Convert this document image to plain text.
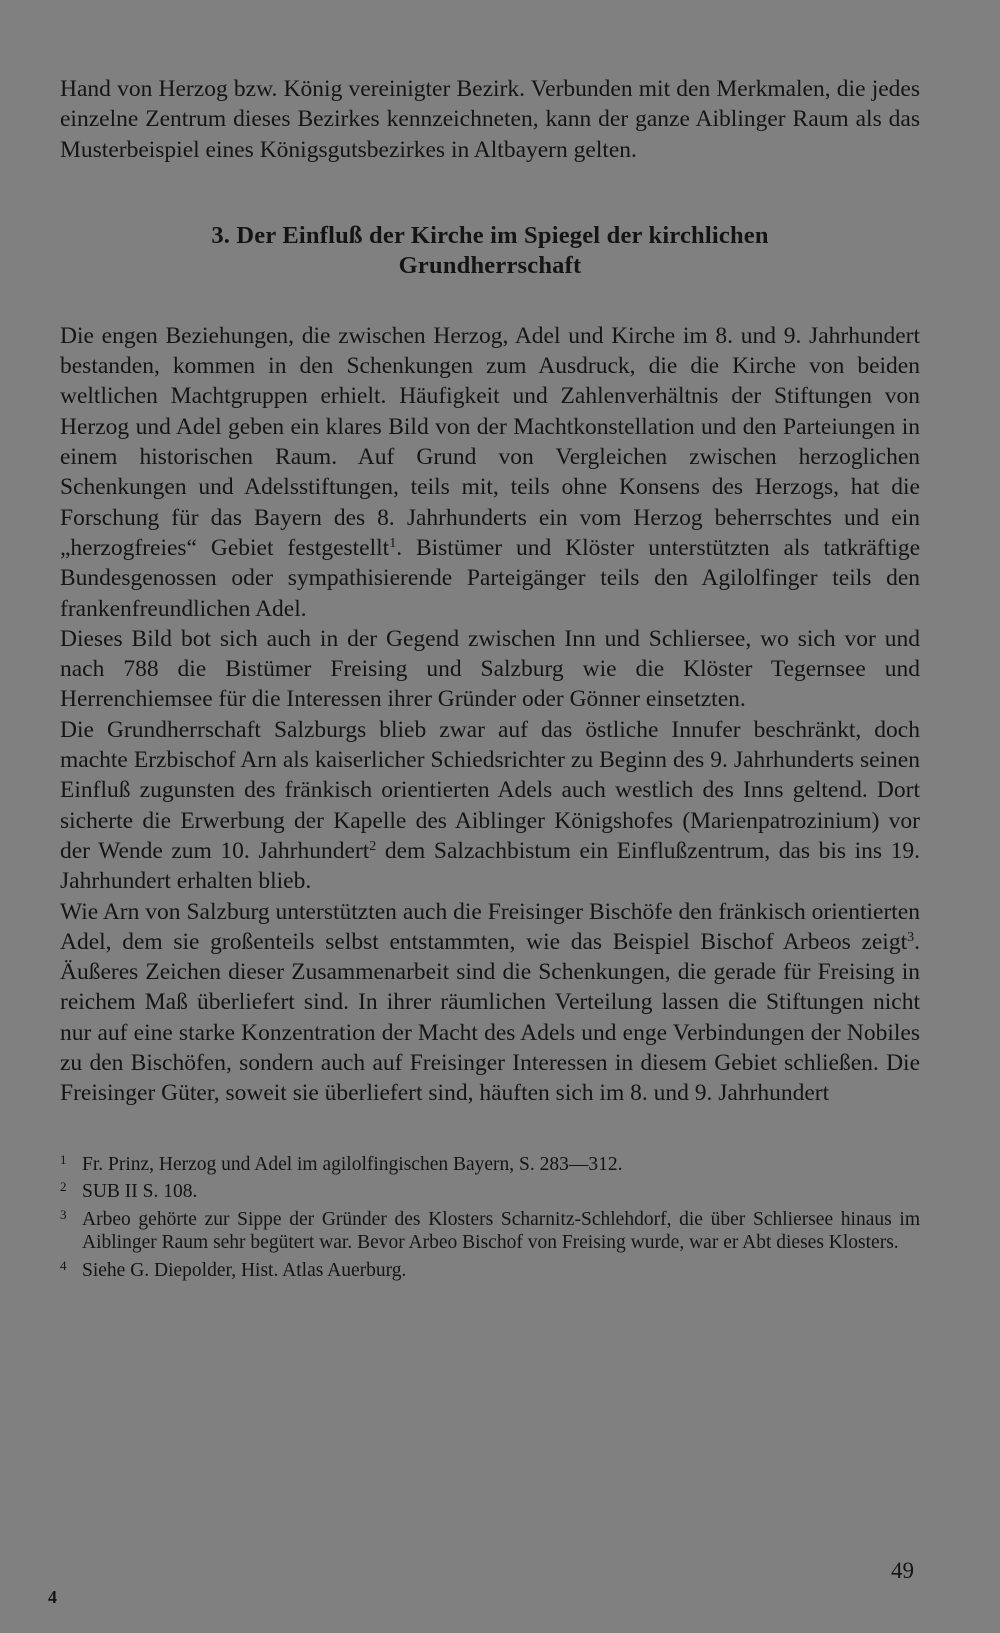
Hand von Herzog bzw. König vereinigter Bezirk. Verbunden mit den Merkmalen, die jedes einzelne Zentrum dieses Bezirkes kennzeichneten, kann der ganze Aiblinger Raum als das Musterbeispiel eines Königsgutsbezirkes in Altbayern gelten.

3. Der Einfluß der Kirche im Spiegel der kirchlichen
Grundherrschaft

Die engen Beziehungen, die zwischen Herzog, Adel und Kirche im 8. und 9. Jahrhundert bestanden, kommen in den Schenkungen zum Ausdruck, die die Kirche von beiden weltlichen Machtgruppen erhielt. Häufigkeit und Zahlenverhältnis der Stiftungen von Herzog und Adel geben ein klares Bild von der Machtkonstellation und den Parteiungen in einem historischen Raum. Auf Grund von Vergleichen zwischen herzoglichen Schenkungen und Adelsstiftungen, teils mit, teils ohne Konsens des Herzogs, hat die Forschung für das Bayern des 8. Jahrhunderts ein vom Herzog beherrschtes und ein „herzogfreies“ Gebiet festgestellt$^1$. Bistümer und Klöster unterstützten als tatkräftige Bundesgenossen oder sympathisierende Parteigänger teils den Agilolfinger teils den frankenfreundlichen Adel.

Dieses Bild bot sich auch in der Gegend zwischen Inn und Schliersee, wo sich vor und nach 788 die Bistümer Freising und Salzburg wie die Klöster Tegernsee und Herrenchiemsee für die Interessen ihrer Gründer oder Gönner einsetzten.

Die Grundherrschaft Salzburgs blieb zwar auf das östliche Innufer beschränkt, doch machte Erzbischof Arn als kaiserlicher Schiedsrichter zu Beginn des 9. Jahrhunderts seinen Einfluß zugunsten des fränkisch orientierten Adels auch westlich des Inns geltend. Dort sicherte die Erwerbung der Kapelle des Aiblinger Königshofes (Marienpatrozinium) vor der Wende zum 10. Jahrhundert$^2$ dem Salzachbistum ein Einflußzentrum, das bis ins 19. Jahrhundert erhalten blieb.

Wie Arn von Salzburg unterstützten auch die Freisinger Bischöfe den fränkisch orientierten Adel, dem sie großenteils selbst entstammten, wie das Beispiel Bischof Arbeos zeigt$^3$. Äußeres Zeichen dieser Zusammenarbeit sind die Schenkungen, die gerade für Freising in reichem Maß überliefert sind. In ihrer räumlichen Verteilung lassen die Stiftungen nicht nur auf eine starke Konzentration der Macht des Adels und enge Verbindungen der Nobiles zu den Bischöfen, sondern auch auf Freisinger Interessen in diesem Gebiet schließen. Die Freisinger Güter, soweit sie überliefert sind, häuften sich im 8. und 9. Jahrhundert

1 Fr. Prinz, Herzog und Adel im agilolfingischen Bayern, S. 283—312.

2 SUB II S. 108.

3 Arbeo gehörte zur Sippe der Gründer des Klosters Scharnitz-Schlehdorf, die über Schliersee hinaus im Aiblinger Raum sehr begütert war. Bevor Arbeo Bischof von Freising wurde, war er Abt dieses Klosters.

4 Siehe G. Diepolder, Hist. Atlas Auerburg.

49
4
